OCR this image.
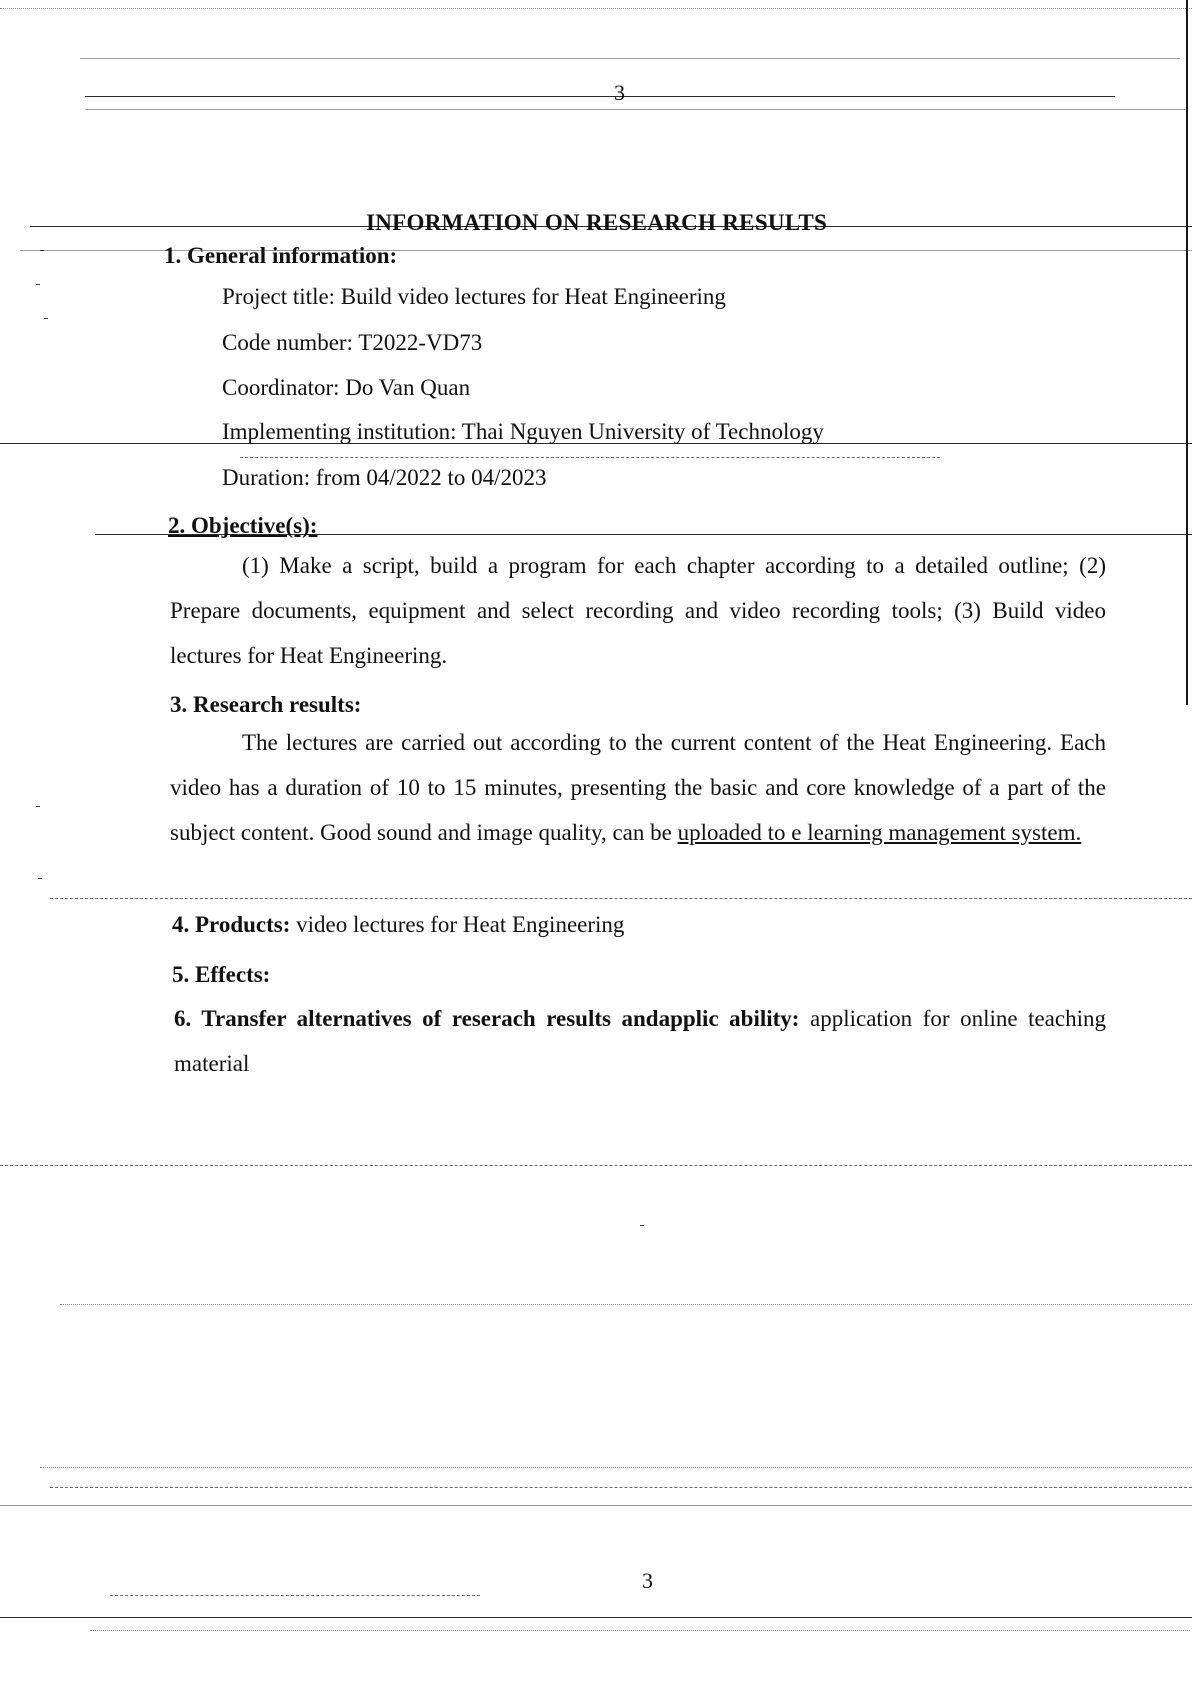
3
INFORMATION ON RESEARCH RESULTS
1. General information:
Project title: Build video lectures for Heat Engineering
Code number: T2022-VD73
Coordinator: Do Van Quan
Implementing institution: Thai Nguyen University of Technology
Duration: from 04/2022 to 04/2023
2. Objective(s):
(1) Make a script, build a program for each chapter according to a detailed outline; (2) Prepare documents, equipment and select recording and video recording tools; (3) Build video lectures for Heat Engineering.
3. Research results:
The lectures are carried out according to the current content of the Heat Engineering. Each video has a duration of 10 to 15 minutes, presenting the basic and core knowledge of a part of the subject content. Good sound and image quality, can be uploaded to e learning management system.
4. Products: video lectures for Heat Engineering
5. Effects:
6. Transfer alternatives of reserach results andapplic ability: application for online teaching material
3
